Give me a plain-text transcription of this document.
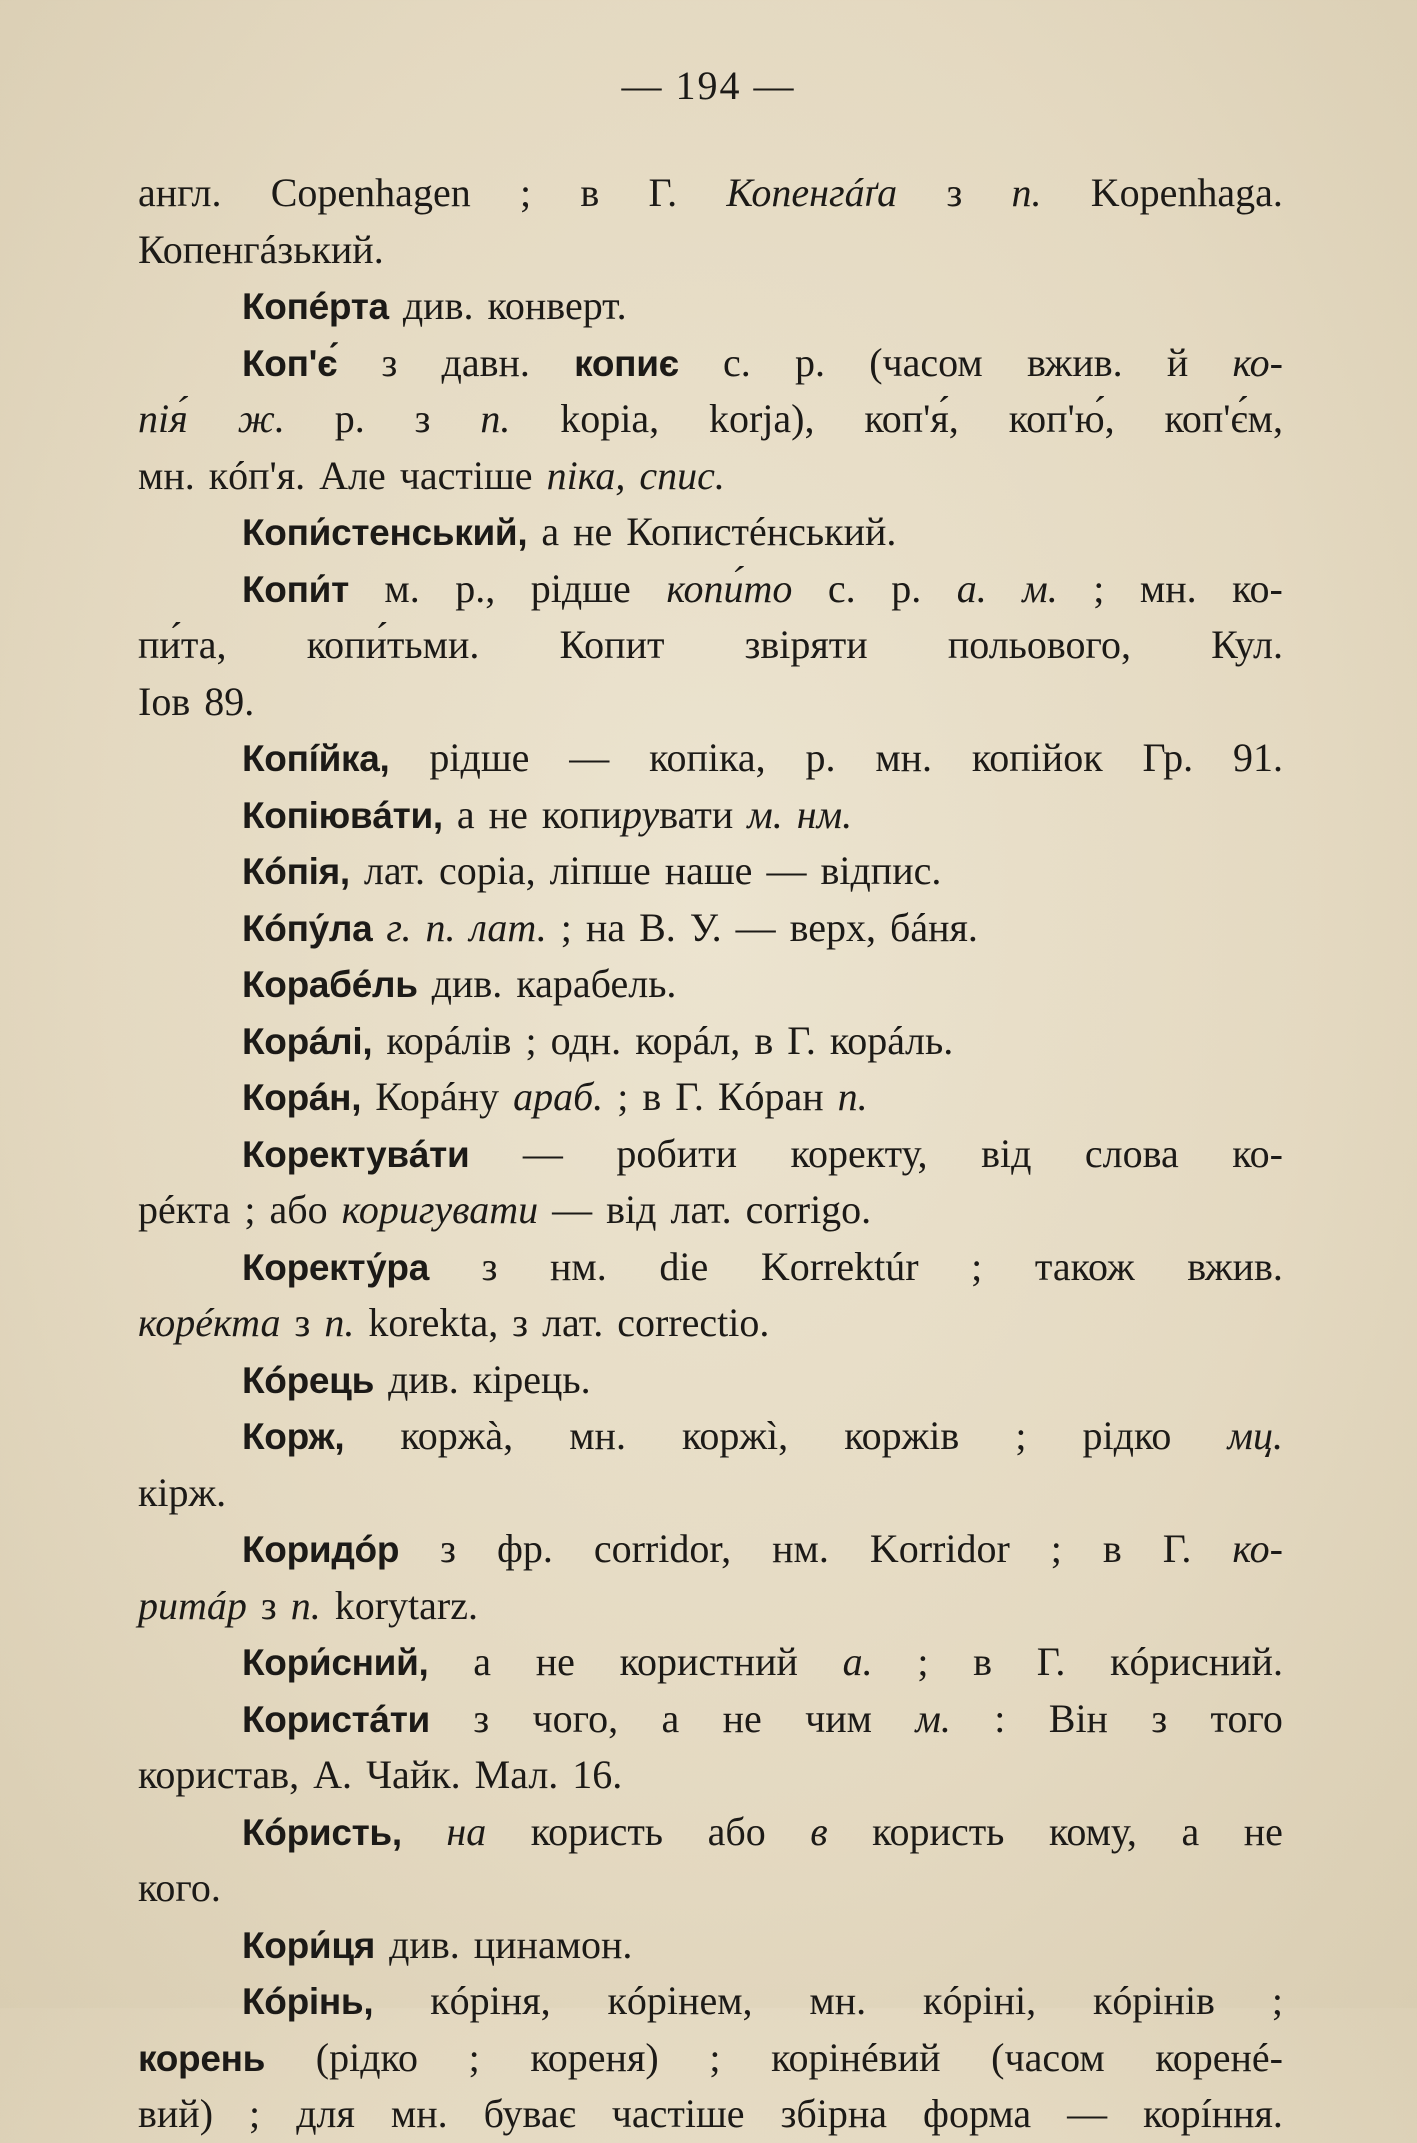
— 194 —
англ. Copenhagen ; в Г. Копенгáґа з п. Kopenhaga.
Копенгáзький.
Копéрта див. конверт.
Коп'є́ з давн. копиє с. р. (часом вжив. й ко-
пiя́ ж. р. з п. kopia, korja), коп'я́, коп'ю́, коп'є́м,
мн. кóп'я. Але частіше піка, спис.
Копи́стенський, а не Копистéнський.
Копи́т м. р., рідше копи́то с. р. а. м. ; мн. ко-
пи́та, копи́тьми. Копит звіряти польового, Кул.
Іов 89.
Копíйка, рідше — копіка, р. мн. копійок Гр. 91.
Копіювáти, а не копирувати м. нм.
Кóпія, лат. copia, ліпше наше — відпис.
Кóпу́ла г. п. лат. ; на В. У. — верх, бáня.
Корабéль див. карабель.
Корáлі, корáлів ; одн. корáл, в Г. корáль.
Корáн, Корáну араб. ; в Г. Кóран п.
Коректувáти — робити коректу, від слова ко-
рéкта ; або коригувати — від лат. corrigo.
Коректу́ра з нм. die Korrektúr ; також вжив.
корéкта з п. korekta, з лат. correctio.
Кóрець див. кірець.
Корж, коржà, мн. коржì, коржів ; рідко мц.
кірж.
Коридóр з фр. corridor, нм. Korridor ; в Г. ко-
ритáр з п. korytarz.
Кори́сний, а не користний а. ; в Г. кóрисний.
Користáти з чого, а не чим м. : Він з того
користав, А. Чайк. Мал. 16.
Кóристь, на користь або в користь кому, а не
кого.
Кори́ця див. цинамон.
Кóрінь, кóріня, кóрінем, мн. кóріні, кóрінів ;
корень (рідко ; кореня) ; корінéвий (часом коренé-
вий) ; для мн. буває частіше збірна форма — корíння.
